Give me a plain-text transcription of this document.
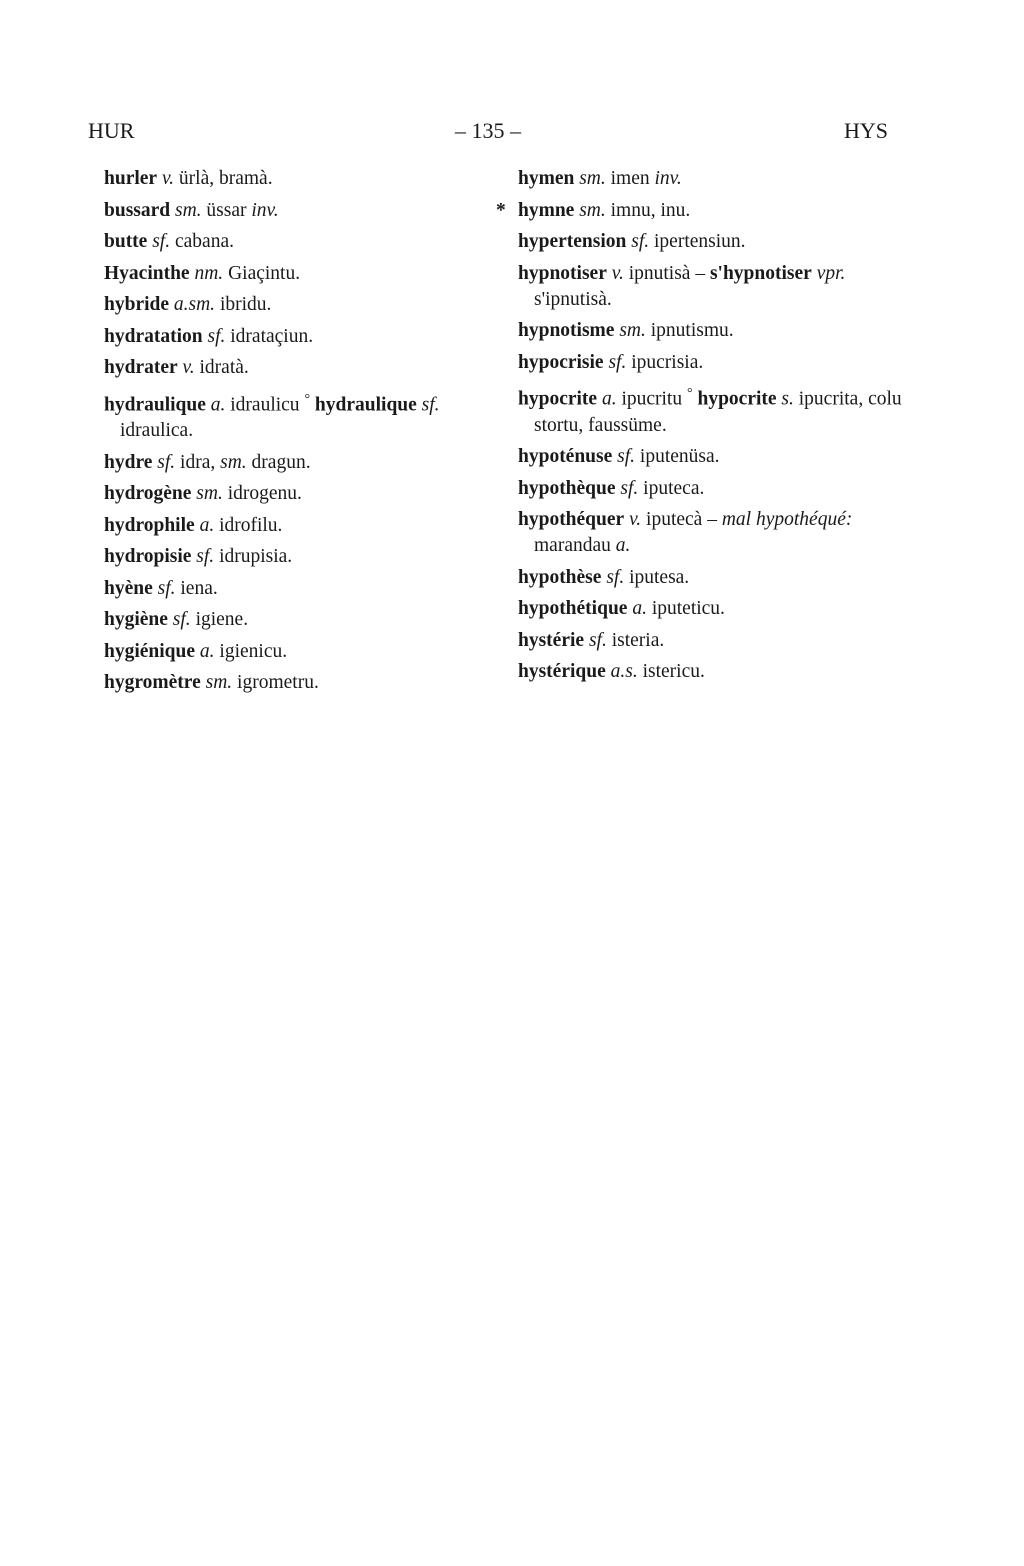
HUR	– 135 –	HYS

hurler v. ürlà, bramà.

bussard sm. üssar inv.

butte sf. cabana.

Hyacinthe nm. Giaçintu.

hybride a.sm. ibridu.

hydratation sf. idrataçiun.

hydrater v. idratà.

hydraulique a. idraulicu ° hydraulique sf. idraulica.

hydre sf. idra, sm. dragun.

hydrogène sm. idrogenu.

hydrophile a. idrofilu.

hydropisie sf. idrupisia.

hyène sf. iena.

hygiène sf. igiene.

hygiénique a. igienicu.

hygromètre sm. igrometru.

hymen sm. imen inv.

* hymne sm. imnu, inu.

hypertension sf. ipertensiun.

hypnotiser v. ipnutisà – s'hypnotiser vpr. s'ipnutisà.

hypnotisme sm. ipnutismu.

hypocrisie sf. ipucrisia.

hypocrite a. ipucritu ° hypocrite s. ipucrita, colu stortu, faussüme.

hypoténuse sf. iputenüsa.

hypothèque sf. iputeca.

hypothéquer v. iputecà – mal hypothéqué: marandau a.

hypothèse sf. iputesa.

hypothétique a. iputeticu.

hystérie sf. isteria.

hystérique a.s. istericu.
